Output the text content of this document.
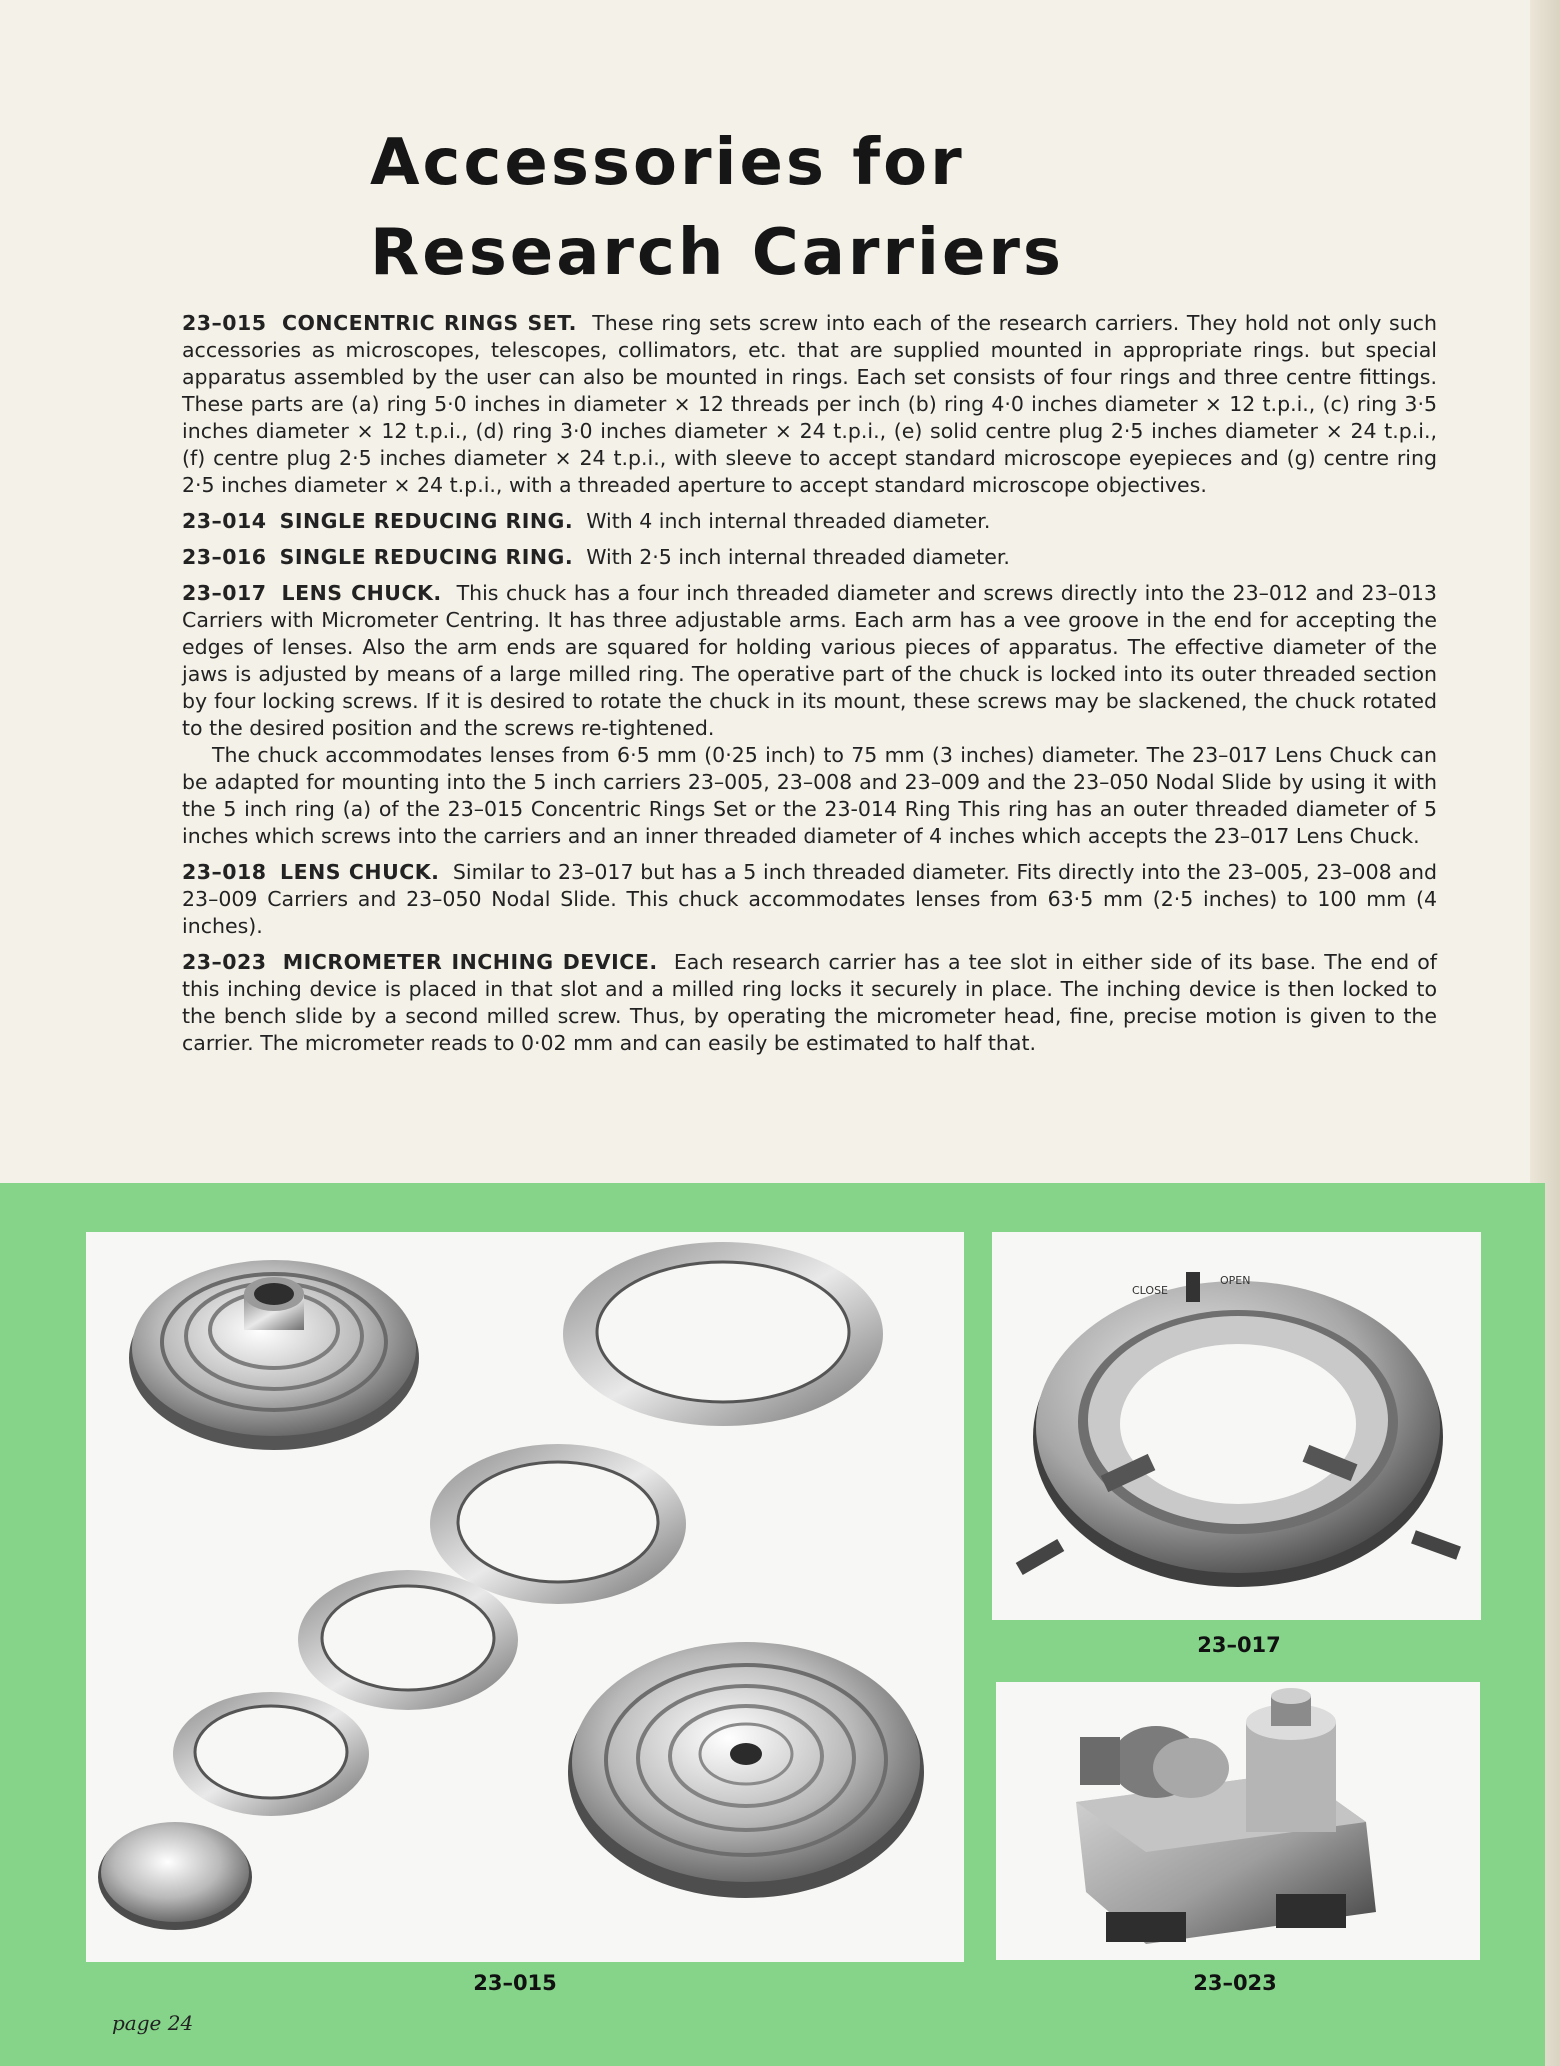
Accessories for
Research Carriers

23–015 CONCENTRIC RINGS SET. These ring sets screw into each of the research carriers. They hold not only such accessories as microscopes, telescopes, collimators, etc. that are supplied mounted in appropriate rings. but special apparatus assembled by the user can also be mounted in rings. Each set consists of four rings and three centre fittings. These parts are (a) ring 5·0 inches in diameter × 12 threads per inch (b) ring 4·0 inches diameter × 12 t.p.i., (c) ring 3·5 inches diameter × 12 t.p.i., (d) ring 3·0 inches diameter × 24 t.p.i., (e) solid centre plug 2·5 inches diameter × 24 t.p.i., (f) centre plug 2·5 inches diameter × 24 t.p.i., with sleeve to accept standard microscope eyepieces and (g) centre ring 2·5 inches diameter × 24 t.p.i., with a threaded aperture to accept standard microscope objectives.

23–014 SINGLE REDUCING RING. With 4 inch internal threaded diameter.

23–016 SINGLE REDUCING RING. With 2·5 inch internal threaded diameter.

23–017 LENS CHUCK. This chuck has a four inch threaded diameter and screws directly into the 23–012 and 23–013 Carriers with Micrometer Centring. It has three adjustable arms. Each arm has a vee groove in the end for accepting the edges of lenses. Also the arm ends are squared for holding various pieces of apparatus. The effective diameter of the jaws is adjusted by means of a large milled ring. The operative part of the chuck is locked into its outer threaded section by four locking screws. If it is desired to rotate the chuck in its mount, these screws may be slackened, the chuck rotated to the desired position and the screws re-tightened.

The chuck accommodates lenses from 6·5 mm (0·25 inch) to 75 mm (3 inches) diameter. The 23–017 Lens Chuck can be adapted for mounting into the 5 inch carriers 23–005, 23–008 and 23–009 and the 23–050 Nodal Slide by using it with the 5 inch ring (a) of the 23–015 Concentric Rings Set or the 23-014 Ring This ring has an outer threaded diameter of 5 inches which screws into the carriers and an inner threaded diameter of 4 inches which accepts the 23–017 Lens Chuck.

23–018 LENS CHUCK. Similar to 23–017 but has a 5 inch threaded diameter. Fits directly into the 23–005, 23–008 and 23–009 Carriers and 23–050 Nodal Slide. This chuck accommodates lenses from 63·5 mm (2·5 inches) to 100 mm (4 inches).

23–023 MICROMETER INCHING DEVICE. Each research carrier has a tee slot in either side of its base. The end of this inching device is placed in that slot and a milled ring locks it securely in place. The inching device is then locked to the bench slide by a second milled screw. Thus, by operating the micrometer head, fine, precise motion is given to the carrier. The micrometer reads to 0·02 mm and can easily be estimated to half that.

23–015
CLOSE
OPEN
23–017
23–023
page 24
